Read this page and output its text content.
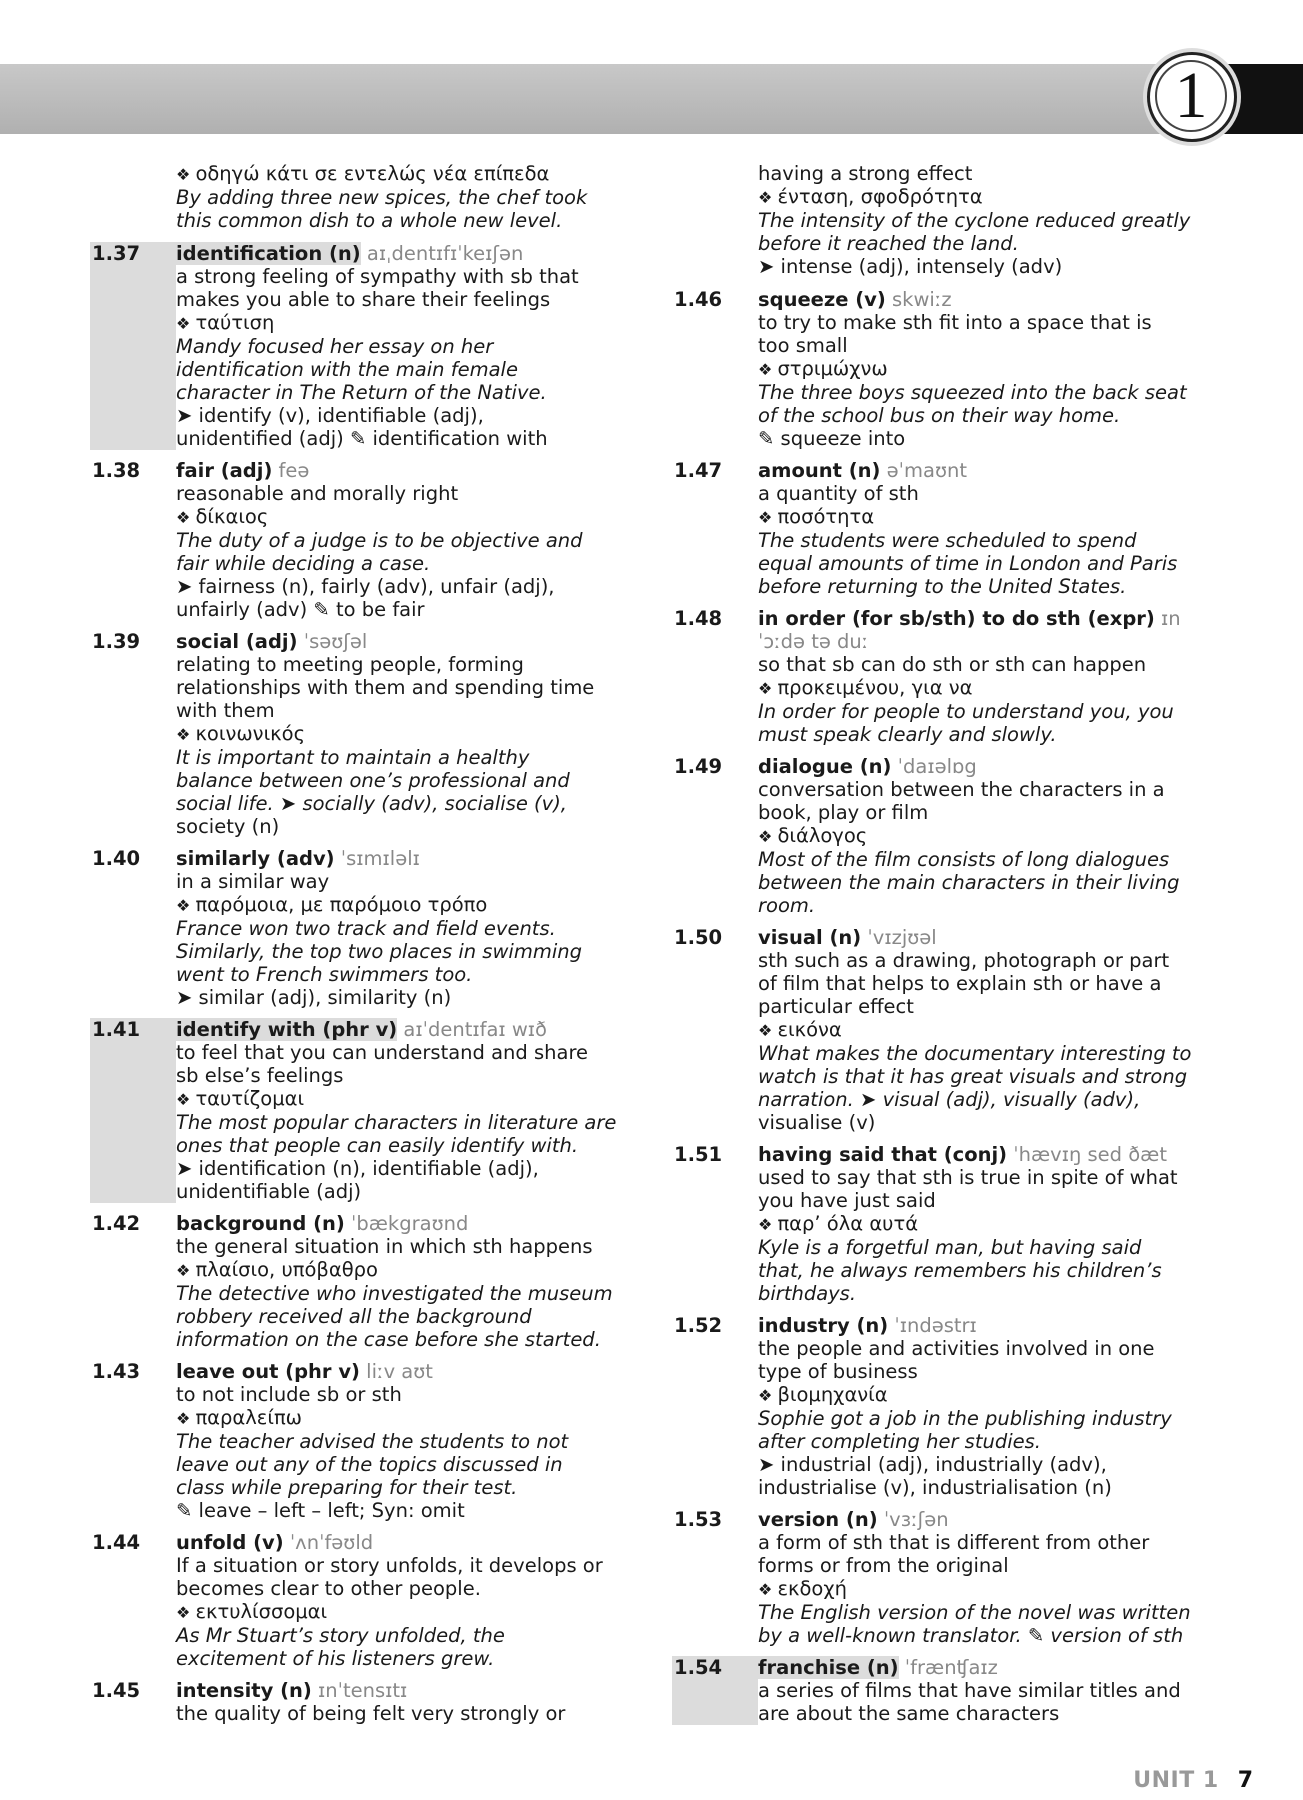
1
❖ οδηγώ κάτι σε εντελώς νέα επίπεδα
By adding three new spices, the chef took
this common dish to a whole new level.
1.37	identification (n) aɪˌdentɪfɪˈkeɪʃən
a strong feeling of sympathy with sb that
makes you able to share their feelings
❖ ταύτιση
Mandy focused her essay on her
identification with the main female
character in The Return of the Native.
➤ identify (v), identifiable (adj),
unidentified (adj) ✎ identification with
1.38	fair (adj) feə
reasonable and morally right
❖ δίκαιος
The duty of a judge is to be objective and
fair while deciding a case.
➤ fairness (n), fairly (adv), unfair (adj),
unfairly (adv) ✎ to be fair
1.39	social (adj) ˈsəʊʃəl
relating to meeting people, forming
relationships with them and spending time
with them
❖ κοινωνικός
It is important to maintain a healthy
balance between one’s professional and
social life. ➤ socially (adv), socialise (v),
society (n)
1.40	similarly (adv) ˈsɪmɪləlɪ
in a similar way
❖ παρόμοια, με παρόμοιο τρόπο
France won two track and field events.
Similarly, the top two places in swimming
went to French swimmers too.
➤ similar (adj), similarity (n)
1.41	identify with (phr v) aɪˈdentɪfaɪ wɪð
to feel that you can understand and share
sb else’s feelings
❖ ταυτίζομαι
The most popular characters in literature are
ones that people can easily identify with.
➤ identification (n), identifiable (adj),
unidentifiable (adj)
1.42	background (n) ˈbækgraʊnd
the general situation in which sth happens
❖ πλαίσιο, υπόβαθρο
The detective who investigated the museum
robbery received all the background
information on the case before she started.
1.43	leave out (phr v) liːv aʊt
to not include sb or sth
❖ παραλείπω
The teacher advised the students to not
leave out any of the topics discussed in
class while preparing for their test.
✎ leave – left – left; Syn: omit
1.44	unfold (v) ˈʌnˈfəʊld
If a situation or story unfolds, it develops or
becomes clear to other people.
❖ εκτυλίσσομαι
As Mr Stuart’s story unfolded, the
excitement of his listeners grew.
1.45	intensity (n) ɪnˈtensɪtɪ
the quality of being felt very strongly or
having a strong effect
❖ ένταση, σφοδρότητα
The intensity of the cyclone reduced greatly
before it reached the land.
➤ intense (adj), intensely (adv)
1.46	squeeze (v) skwiːz
to try to make sth fit into a space that is
too small
❖ στριμώχνω
The three boys squeezed into the back seat
of the school bus on their way home.
✎ squeeze into
1.47	amount (n) əˈmaʊnt
a quantity of sth
❖ ποσότητα
The students were scheduled to spend
equal amounts of time in London and Paris
before returning to the United States.
1.48	in order (for sb/sth) to do sth (expr) ɪn
ˈɔːdə tə duː
so that sb can do sth or sth can happen
❖ προκειμένου, για να
In order for people to understand you, you
must speak clearly and slowly.
1.49	dialogue (n) ˈdaɪəlɒg
conversation between the characters in a
book, play or film
❖ διάλογος
Most of the film consists of long dialogues
between the main characters in their living
room.
1.50	visual (n) ˈvɪzjʊəl
sth such as a drawing, photograph or part
of film that helps to explain sth or have a
particular effect
❖ εικόνα
What makes the documentary interesting to
watch is that it has great visuals and strong
narration. ➤ visual (adj), visually (adv),
visualise (v)
1.51	having said that (conj) ˈhævɪŋ sed ðæt
used to say that sth is true in spite of what
you have just said
❖ παρ’ όλα αυτά
Kyle is a forgetful man, but having said
that, he always remembers his children’s
birthdays.
1.52	industry (n) ˈɪndəstrɪ
the people and activities involved in one
type of business
❖ βιομηχανία
Sophie got a job in the publishing industry
after completing her studies.
➤ industrial (adj), industrially (adv),
industrialise (v), industrialisation (n)
1.53	version (n) ˈvɜːʃən
a form of sth that is different from other
forms or from the original
❖ εκδοχή
The English version of the novel was written
by a well-known translator. ✎ version of sth
1.54	franchise (n) ˈfrænʧaɪz
a series of films that have similar titles and
are about the same characters
UNIT 1 7
